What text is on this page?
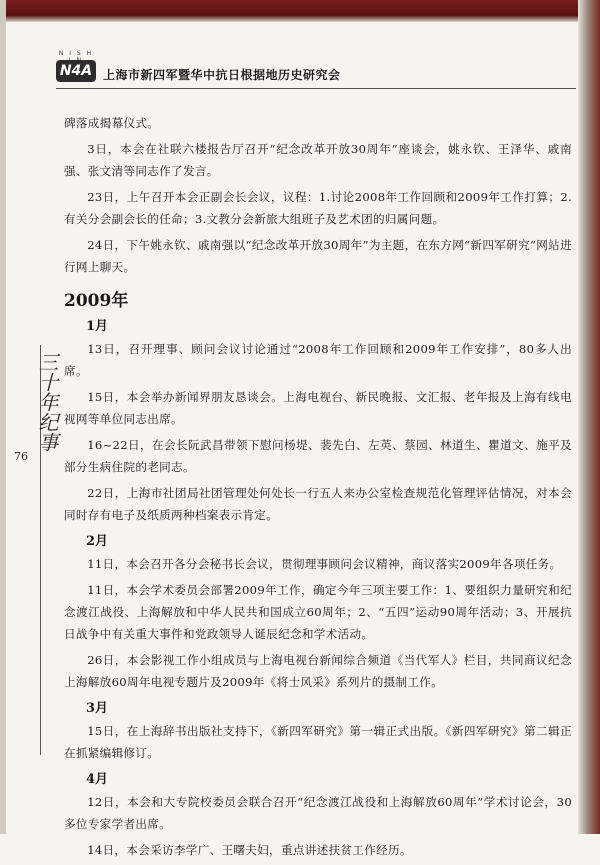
N I S H
N4A 上海市新四军暨华中抗日根据地历史研究会
三十年纪事
76

碑落成揭幕仪式。

3日，本会在社联六楼报告厅召开“纪念改革开放30周年”座谈会，姚永钦、王泽华、戚南强、张文清等同志作了发言。

23日，上午召开本会正副会长会议，议程：1.讨论2008年工作回顾和2009年工作打算；2.有关分会副会长的任命；3.文教分会新旅大组班子及艺术团的归属问题。

24日，下午姚永钦、戚南强以“纪念改革开放30周年”为主题，在东方网“新四军研究”网站进行网上聊天。

2009年
1月

13日，召开理事、顾问会议讨论通过“2008年工作回顾和2009年工作安排”，80多人出席。

15日，本会举办新闻界朋友恳谈会。上海电视台、新民晚报、文汇报、老年报及上海有线电视网等单位同志出席。

16~22日，在会长阮武昌带领下慰问杨堤、裴先白、左英、蔡园、林道生、瞿道文、施平及部分生病住院的老同志。

22日，上海市社团局社团管理处何处长一行五人来办公室检查规范化管理评估情况，对本会同时存有电子及纸质两种档案表示肯定。

2月

11日，本会召开各分会秘书长会议，贯彻理事顾问会议精神，商议落实2009年各项任务。

11日，本会学术委员会部署2009年工作，确定今年三项主要工作：1、要组织力量研究和纪念渡江战役、上海解放和中华人民共和国成立60周年；2、“五四”运动90周年活动；3、开展抗日战争中有关重大事件和党政领导人诞辰纪念和学术活动。

26日，本会影视工作小组成员与上海电视台新闻综合频道《当代军人》栏目，共同商议纪念上海解放60周年电视专题片及2009年《将士风采》系列片的摄制工作。

3月

15日，在上海辞书出版社支持下，《新四军研究》第一辑正式出版。《新四军研究》第二辑正在抓紧编辑修订。

4月

12日，本会和大专院校委员会联合召开“纪念渡江战役和上海解放60周年”学术讨论会，30多位专家学者出席。

14日，本会采访李学广、王曙夫妇，重点讲述扶贫工作经历。
